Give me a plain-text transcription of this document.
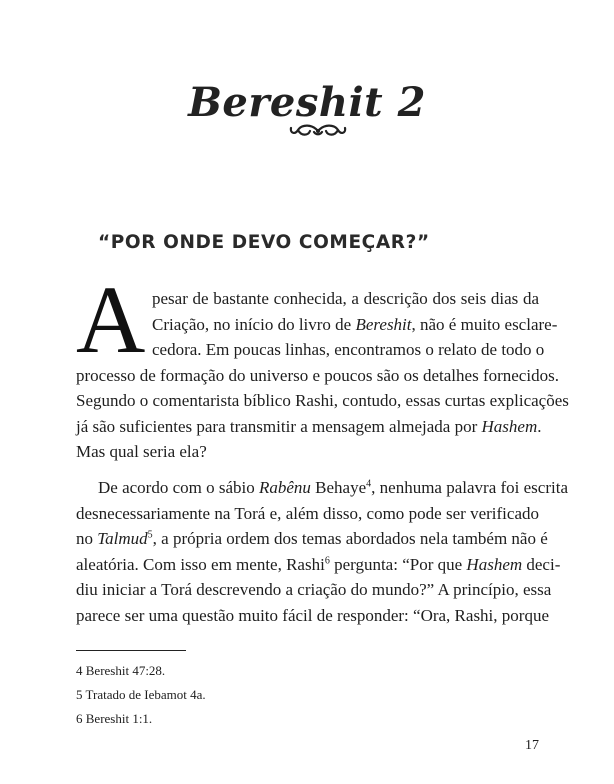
Bereshit 2
“POR ONDE DEVO COMEÇAR?”
A pesar de bastante conhecida, a descrição dos seis dias da
Criação, no início do livro de Bereshit, não é muito esclare-
cedora. Em poucas linhas, encontramos o relato de todo o
processo de formação do universo e poucos são os detalhes fornecidos.
Segundo o comentarista bíblico Rashi, contudo, essas curtas explicações
já são suficientes para transmitir a mensagem almejada por Hashem.
Mas qual seria ela?
De acordo com o sábio Rabênu Behaye$^4$, nenhuma palavra foi escrita
desnecessariamente na Torá e, além disso, como pode ser verificado
no Talmud$^5$, a própria ordem dos temas abordados nela também não é
aleatória. Com isso em mente, Rashi$^6$ pergunta: “Por que Hashem deci-
diu iniciar a Torá descrevendo a criação do mundo?” A princípio, essa
parece ser uma questão muito fácil de responder: “Ora, Rashi, porque
4 Bereshit 47:28.
5 Tratado de Iebamot 4a.
6 Bereshit 1:1.
17
